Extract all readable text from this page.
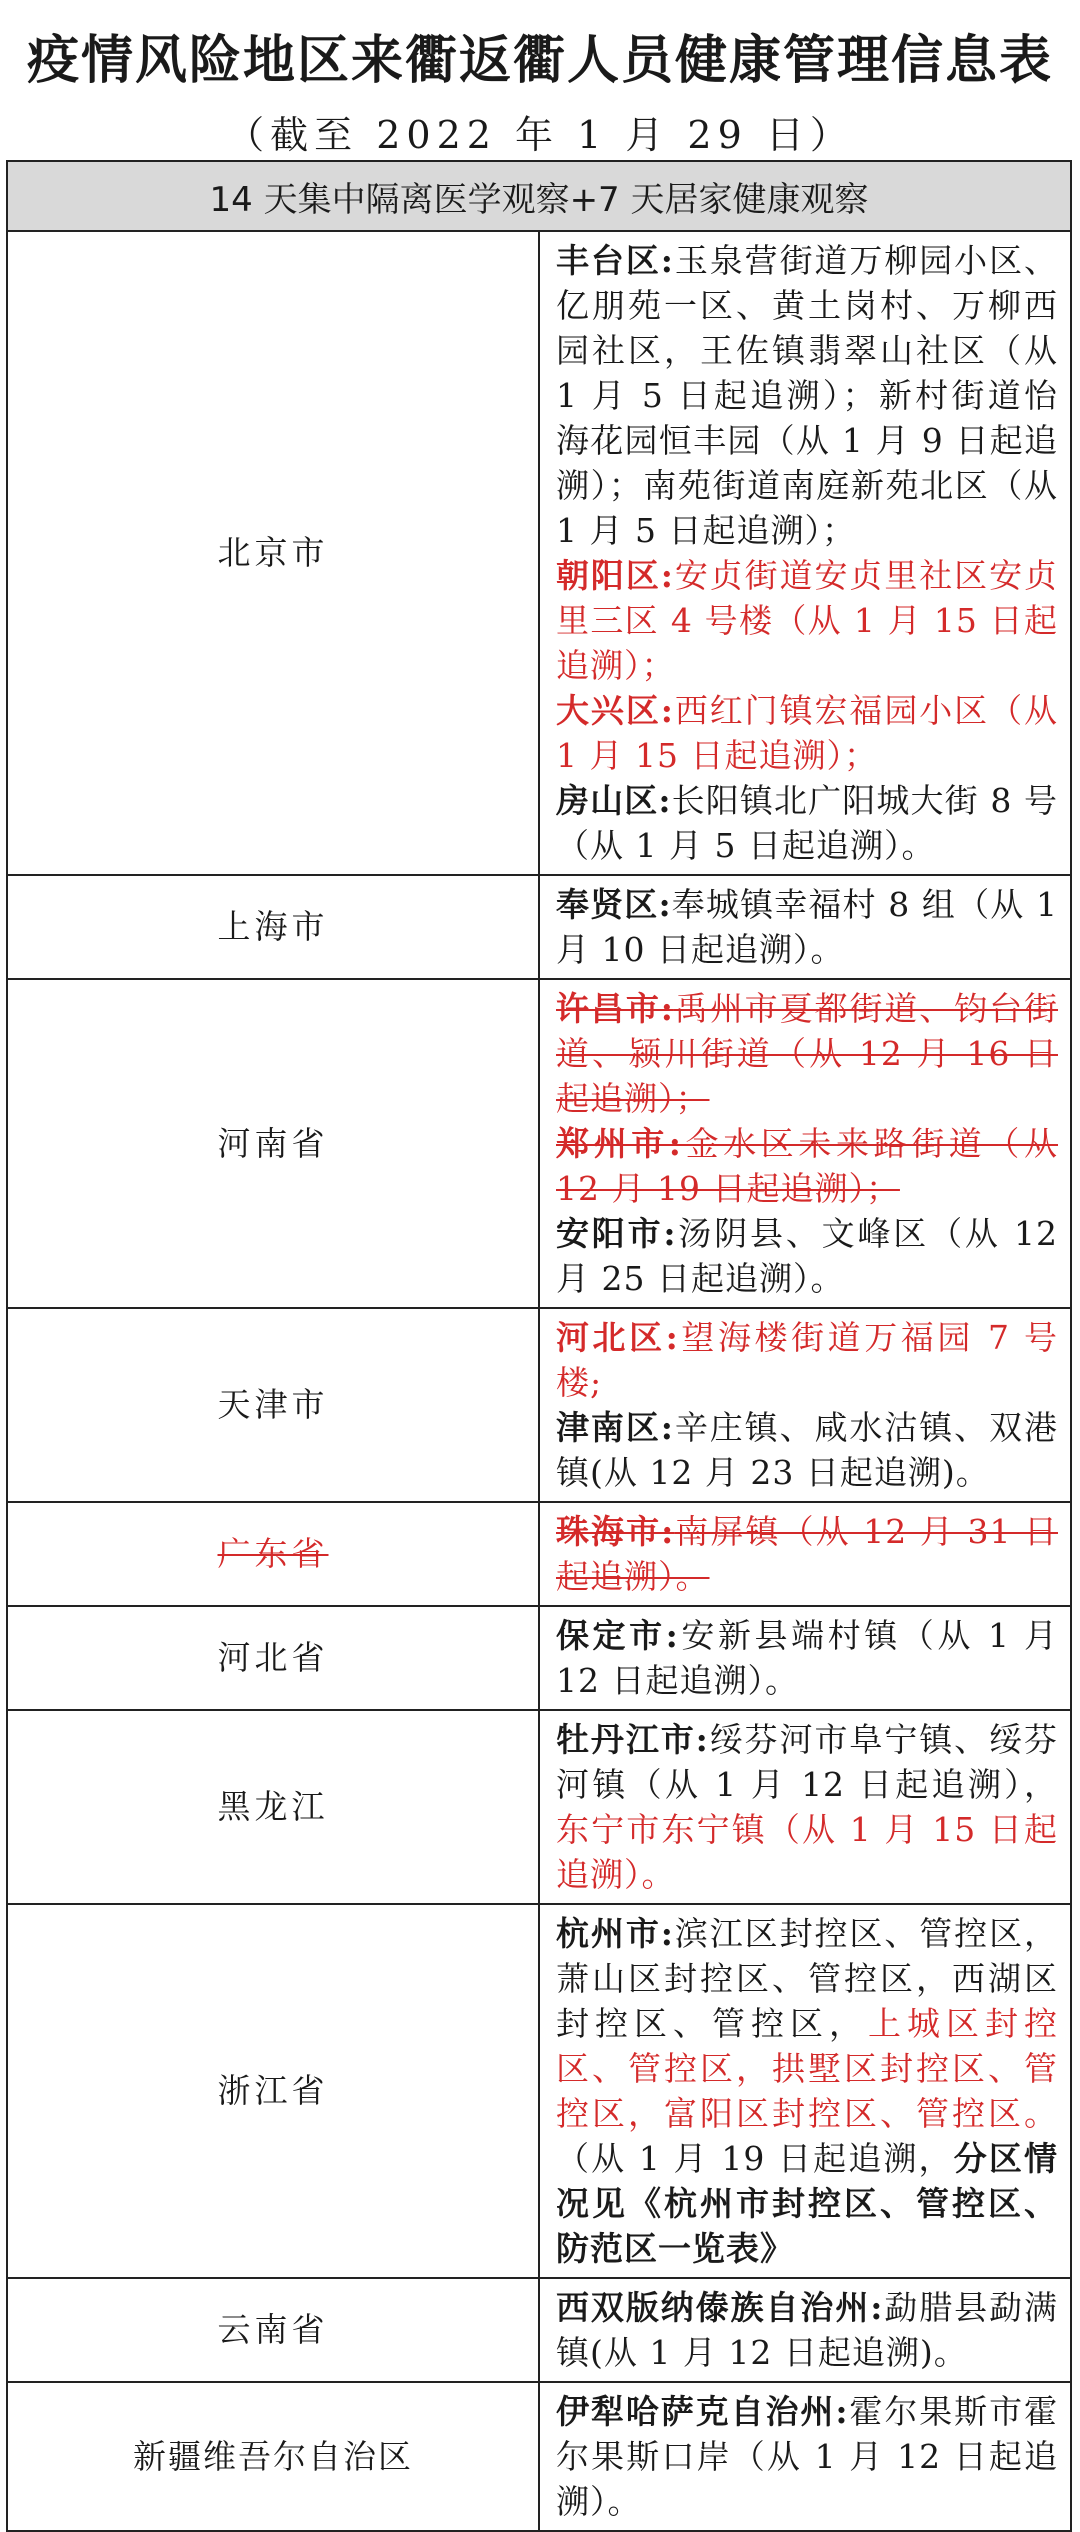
疫情风险地区来衢返衢人员健康管理信息表
（截至 2022 年 1 月 29 日）
14 天集中隔离医学观察+7 天居家健康观察	
北京市	丰台区:玉泉营街道万柳园小区、亿朋苑一区、黄土岗村、万柳西园社区，王佐镇翡翠山社区（从 1 月 5 日起追溯）；新村街道怡海花园恒丰园（从 1 月 9 日起追溯）；南苑街道南庭新苑北区（从 1 月 5 日起追溯）；
朝阳区:安贞街道安贞里社区安贞里三区 4 号楼（从 1 月 15 日起追溯）；
大兴区:西红门镇宏福园小区（从 1 月 15 日起追溯）；
房山区:长阳镇北广阳城大街 8 号（从 1 月 5 日起追溯）。

上海市	奉贤区:奉城镇幸福村 8 组（从 1 月 10 日起追溯）。

河南省	许昌市:禹州市夏都街道、钧台街道、颍川街道（从 12 月 16 日起追溯）；
郑州市:金水区未来路街道（从 12 月 19 日起追溯）；
安阳市:汤阴县、文峰区（从 12 月 25 日起追溯）。

天津市	河北区:望海楼街道万福园 7 号楼;
津南区:辛庄镇、咸水沽镇、双港镇(从 12 月 23 日起追溯)。

广东省	珠海市:南屏镇（从 12 月 31 日起追溯）。

河北省	保定市:安新县端村镇（从 1 月 12 日起追溯）。

黑龙江	牡丹江市:绥芬河市阜宁镇、绥芬河镇（从 1 月 12 日起追溯），东宁市东宁镇（从 1 月 15 日起追溯）。

浙江省	杭州市:滨江区封控区、管控区，萧山区封控区、管控区，西湖区封控区、管控区，上城区封控区、管控区，拱墅区封控区、管控区，富阳区封控区、管控区。（从 1 月 19 日起追溯，分区情况见《杭州市封控区、管控区、防范区一览表》

云南省	西双版纳傣族自治州:勐腊县勐满镇(从 1 月 12 日起追溯)。

新疆维吾尔自治区	伊犁哈萨克自治州:霍尔果斯市霍尔果斯口岸（从 1 月 12 日起追溯）。
